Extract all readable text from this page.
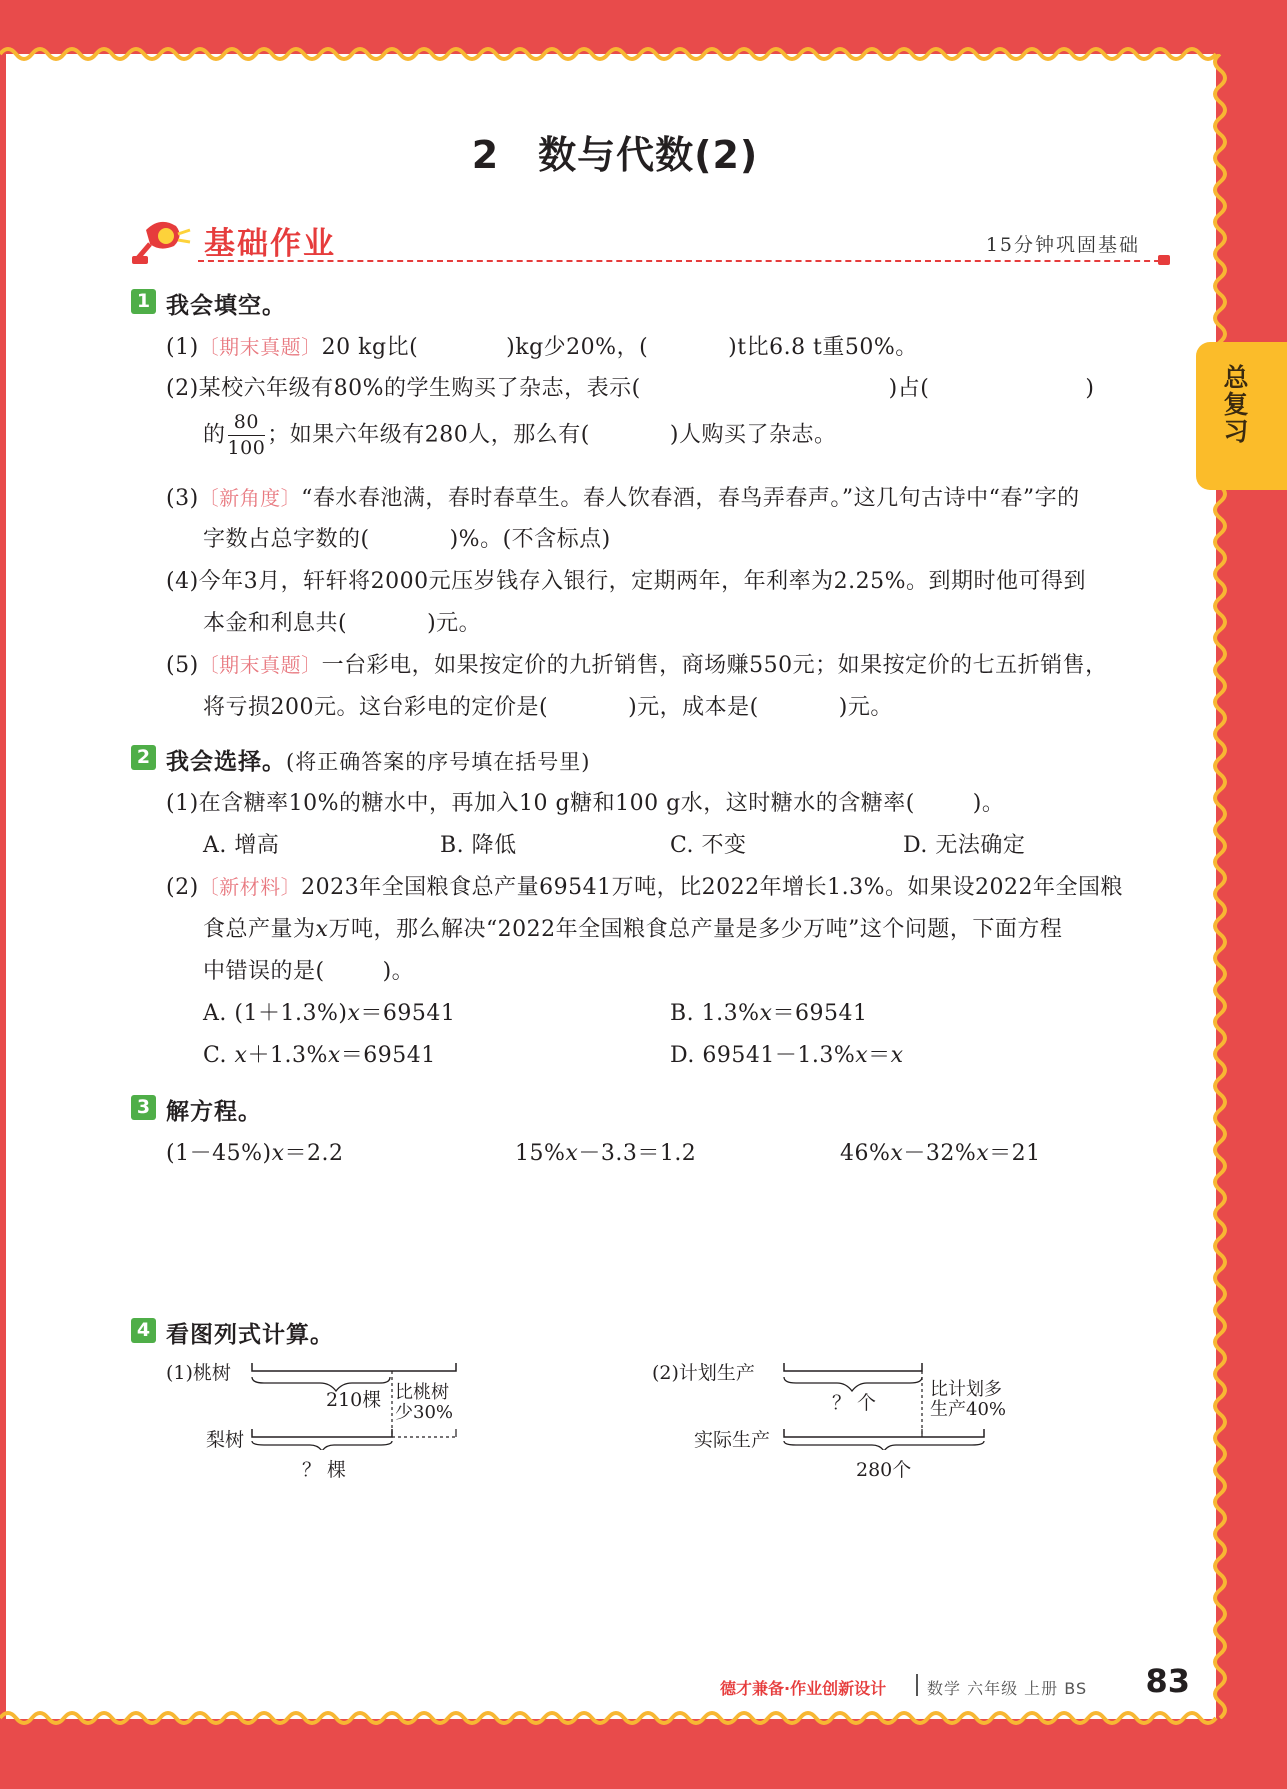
总复习
2　数与代数(2)
基础作业	15分钟巩固基础
1 我会填空。
(1)〔期末真题〕20 kg比(	)kg少20%，(	)t比6.8 t重50%。
(2)某校六年级有80%的学生购买了杂志，表示(	)占(	)
的 $\frac{80}{100}$ ；如果六年级有280人，那么有(	)人购买了杂志。
(3)〔新角度〕“春水春池满，春时春草生。春人饮春酒，春鸟弄春声。”这几句古诗中“春”字的
字数占总字数的(	)%。(不含标点)
(4)今年3月，轩轩将2000元压岁钱存入银行，定期两年，年利率为2.25%。到期时他可得到
本金和利息共(	)元。
(5)〔期末真题〕一台彩电，如果按定价的九折销售，商场赚550元；如果按定价的七五折销售，
将亏损200元。这台彩电的定价是(	)元，成本是(	)元。
2 我会选择。(将正确答案的序号填在括号里)
(1)在含糖率10%的糖水中，再加入10 g糖和100 g水，这时糖水的含糖率(	)。
A. 增高	B. 降低	C. 不变	D. 无法确定
(2)〔新材料〕2023年全国粮食总产量69541万吨，比2022年增长1.3%。如果设2022年全国粮
食总产量为x万吨，那么解决“2022年全国粮食总产量是多少万吨”这个问题，下面方程
中错误的是(	)。
A. (1＋1.3%)x＝69541	B. 1.3%x＝69541
C. x＋1.3%x＝69541	D. 69541－1.3%x＝x
3 解方程。
(1－45%)x＝2.2	15%x－3.3＝1.2	46%x－32%x＝21
4 看图列式计算。
(1)桃树
210棵 比桃树
少30%
梨树
？ 棵
(2)计划生产
？ 个
比计划多
生产40%
实际生产
280个
德才兼备·作业创新设计	数学 六年级 上册 BS 83
